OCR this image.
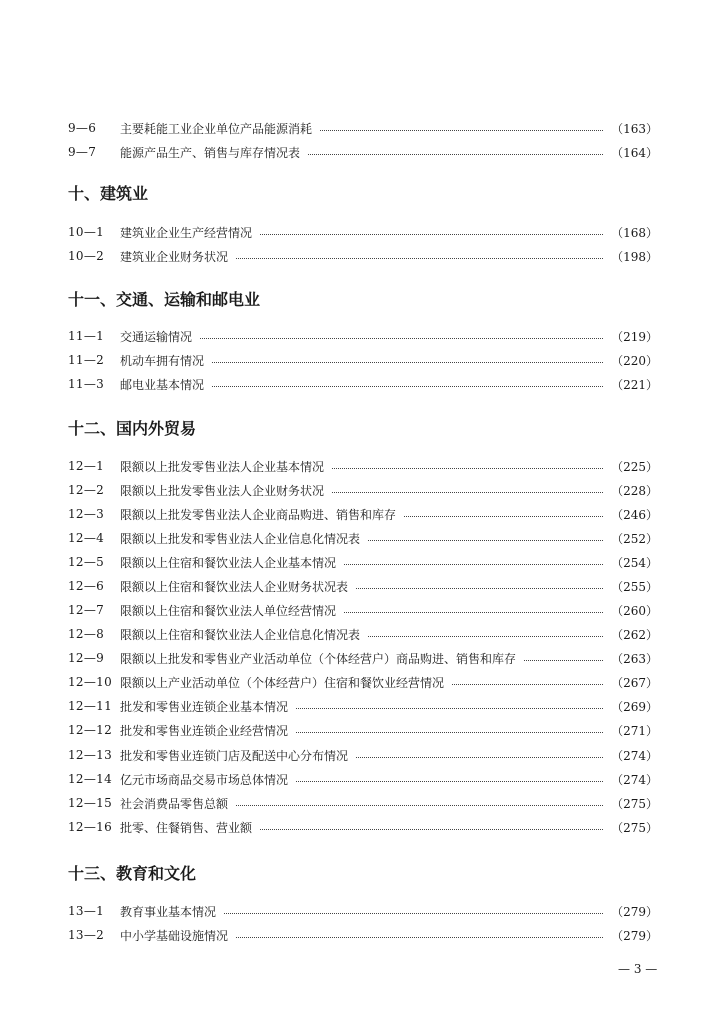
9—6	主要耗能工业企业单位产品能源消耗	（163）
9—7	能源产品生产、销售与库存情况表	（164）
十、建筑业
10—1	建筑业企业生产经营情况	（168）
10—2	建筑业企业财务状况	（198）
十一、交通、运输和邮电业
11—1	交通运输情况	（219）
11—2	机动车拥有情况	（220）
11—3	邮电业基本情况	（221）
十二、国内外贸易
12—1	限额以上批发零售业法人企业基本情况	（225）
12—2	限额以上批发零售业法人企业财务状况	（228）
12—3	限额以上批发零售业法人企业商品购进、销售和库存	（246）
12—4	限额以上批发和零售业法人企业信息化情况表	（252）
12—5	限额以上住宿和餐饮业法人企业基本情况	（254）
12—6	限额以上住宿和餐饮业法人企业财务状况表	（255）
12—7	限额以上住宿和餐饮业法人单位经营情况	（260）
12—8	限额以上住宿和餐饮业法人企业信息化情况表	（262）
12—9	限额以上批发和零售业产业活动单位（个体经营户）商品购进、销售和库存	（263）
12—10 限额以上产业活动单位（个体经营户）住宿和餐饮业经营情况	（267）
12—11 批发和零售业连锁企业基本情况	（269）
12—12 批发和零售业连锁企业经营情况	（271）
12—13 批发和零售业连锁门店及配送中心分布情况	（274）
12—14 亿元市场商品交易市场总体情况	（274）
12—15 社会消费品零售总额	（275）
12—16 批零、住餐销售、营业额	（275）
十三、教育和文化
13—1	教育事业基本情况	（279）
13—2	中小学基础设施情况	（279）
— 3 —
